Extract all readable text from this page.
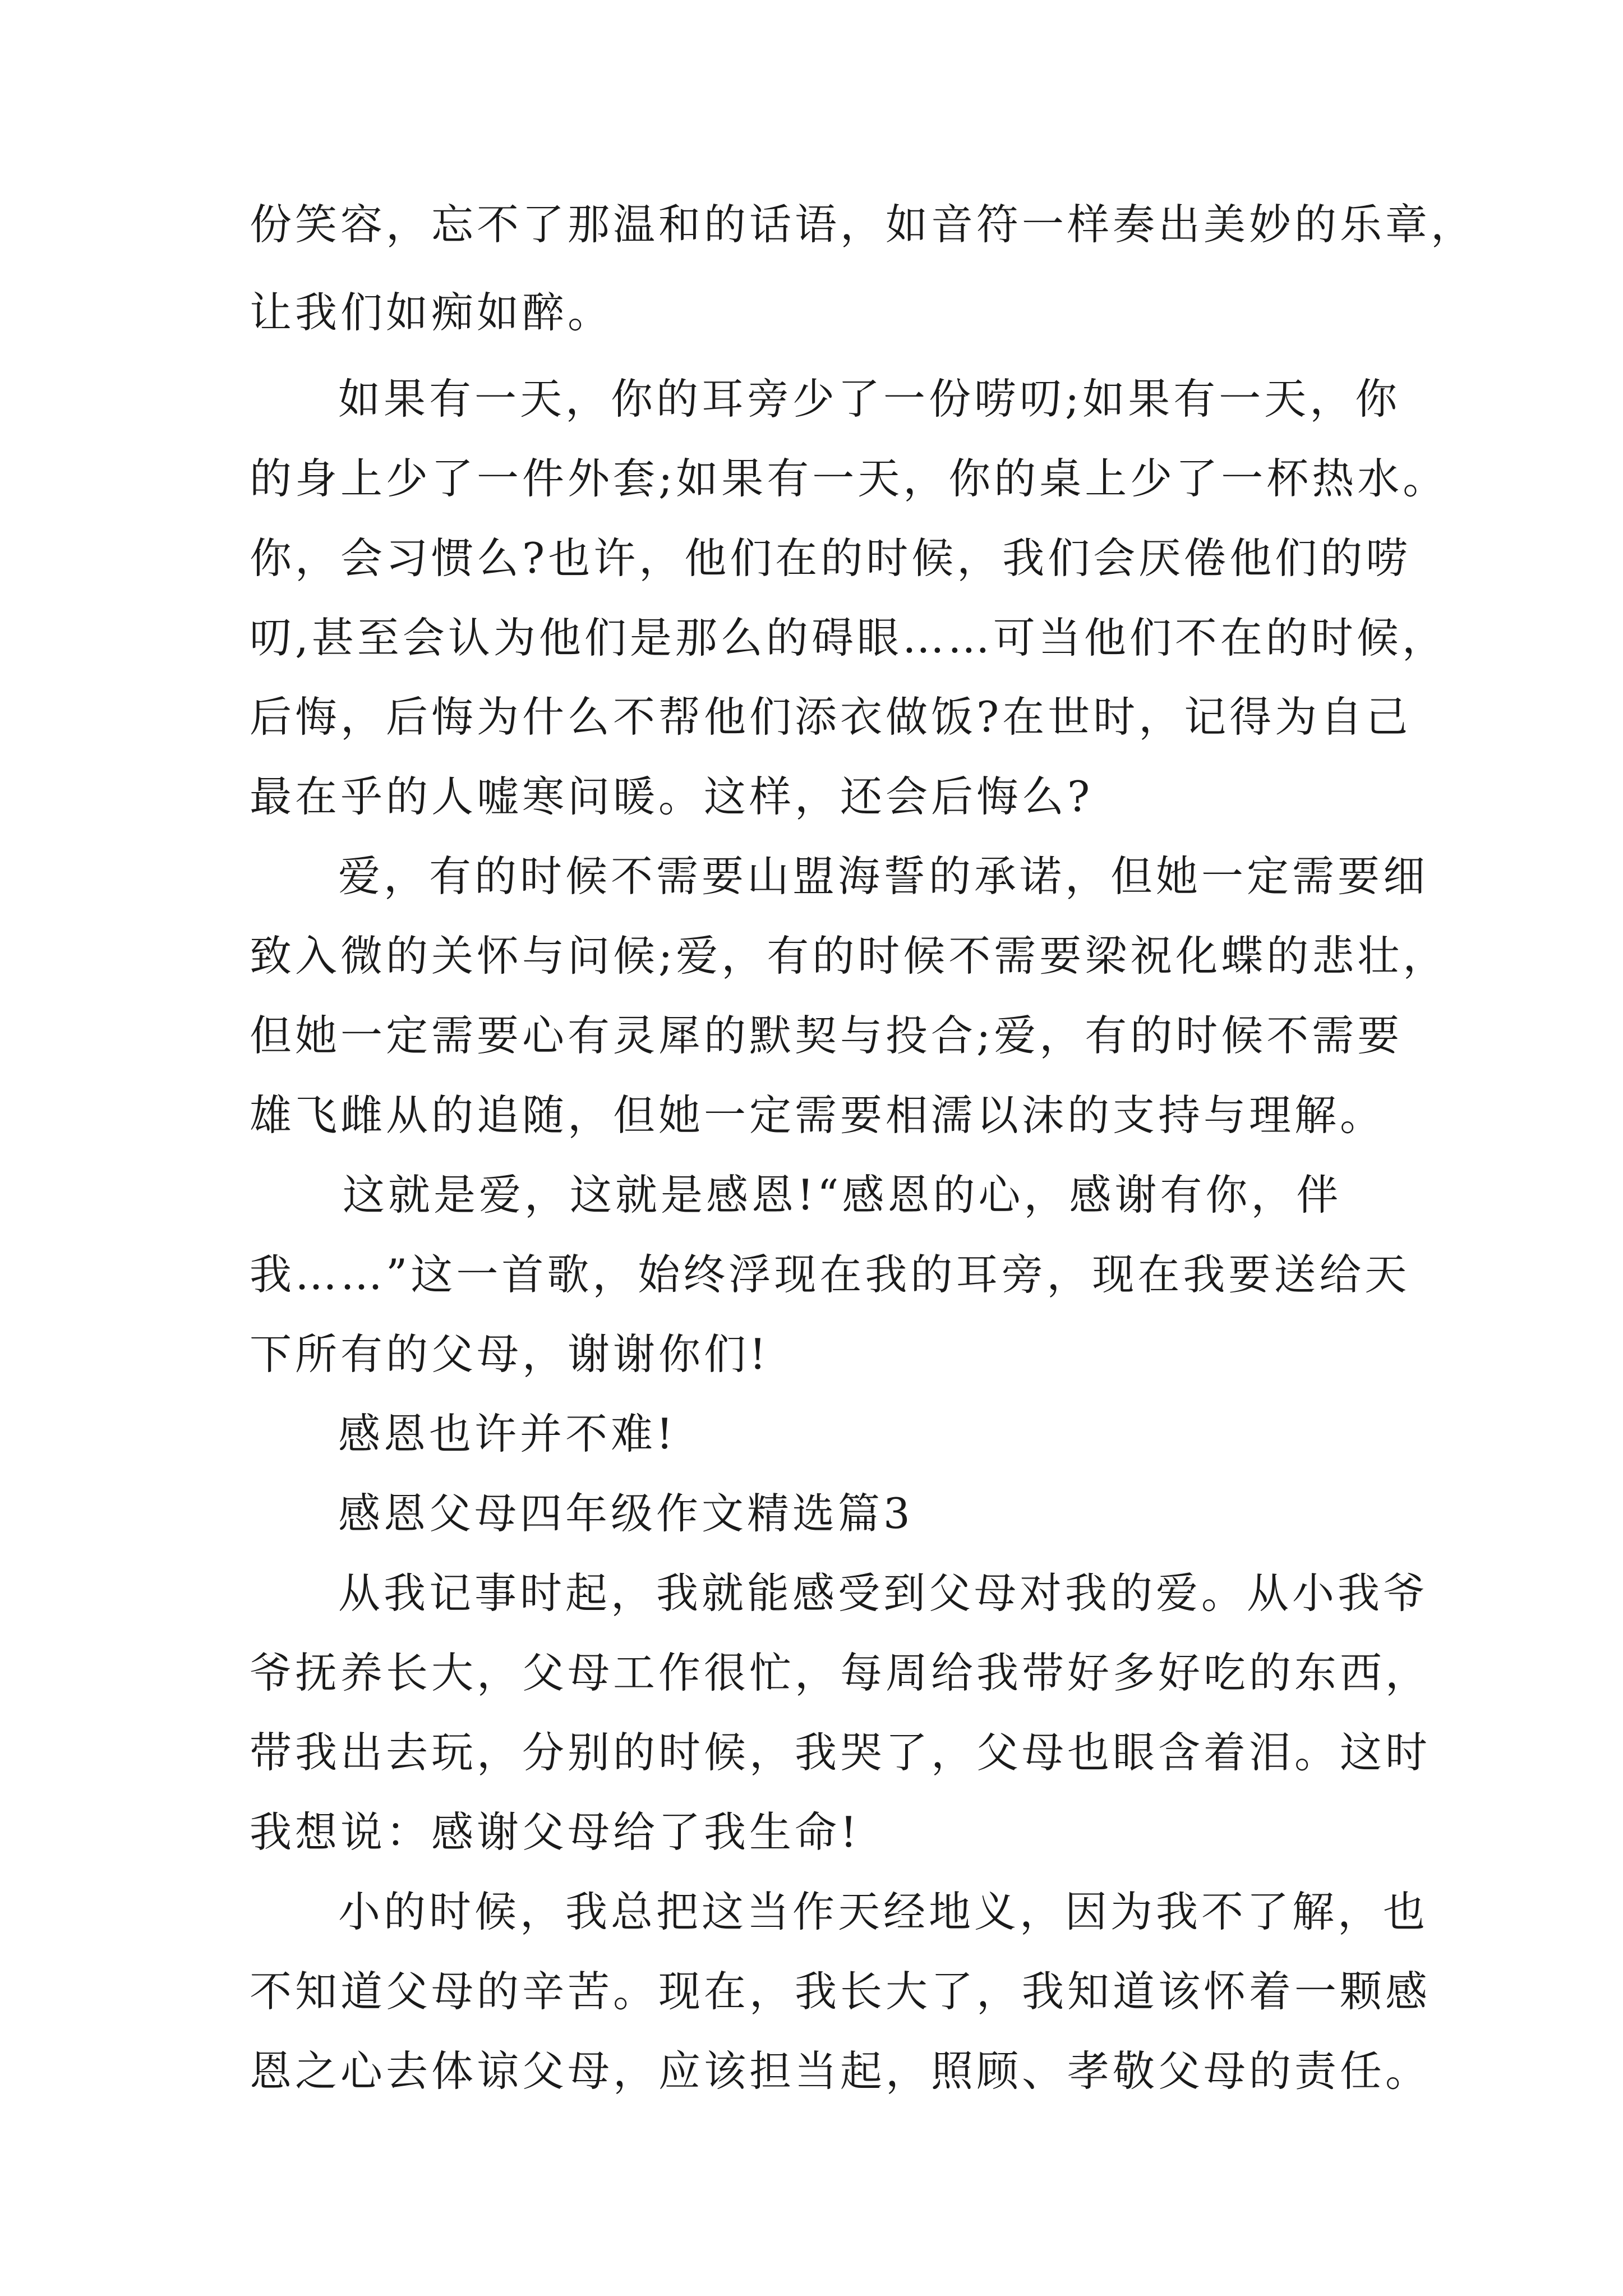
份笑容，忘不了那温和的话语，如音符一样奏出美妙的乐章，

让我们如痴如醉。

如果有一天，你的耳旁少了一份唠叨;如果有一天，你

的身上少了一件外套;如果有一天，你的桌上少了一杯热水。

你，会习惯么?也许，他们在的时候，我们会厌倦他们的唠

叨,甚至会认为他们是那么的碍眼……可当他们不在的时候，

后悔，后悔为什么不帮他们添衣做饭?在世时，记得为自己

最在乎的人嘘寒问暖。这样，还会后悔么?

爱，有的时候不需要山盟海誓的承诺，但她一定需要细

致入微的关怀与问候;爱，有的时候不需要梁祝化蝶的悲壮，

但她一定需要心有灵犀的默契与投合;爱，有的时候不需要

雄飞雌从的追随，但她一定需要相濡以沫的支持与理解。

这就是爱，这就是感恩!“感恩的心，感谢有你，伴

我……”这一首歌，始终浮现在我的耳旁，现在我要送给天

下所有的父母，谢谢你们!

感恩也许并不难!

感恩父母四年级作文精选篇3

从我记事时起，我就能感受到父母对我的爱。从小我爷

爷抚养长大，父母工作很忙，每周给我带好多好吃的东西，

带我出去玩，分别的时候，我哭了，父母也眼含着泪。这时

我想说：感谢父母给了我生命!

小的时候，我总把这当作天经地义，因为我不了解，也

不知道父母的辛苦。现在，我长大了，我知道该怀着一颗感

恩之心去体谅父母，应该担当起，照顾、孝敬父母的责任。
